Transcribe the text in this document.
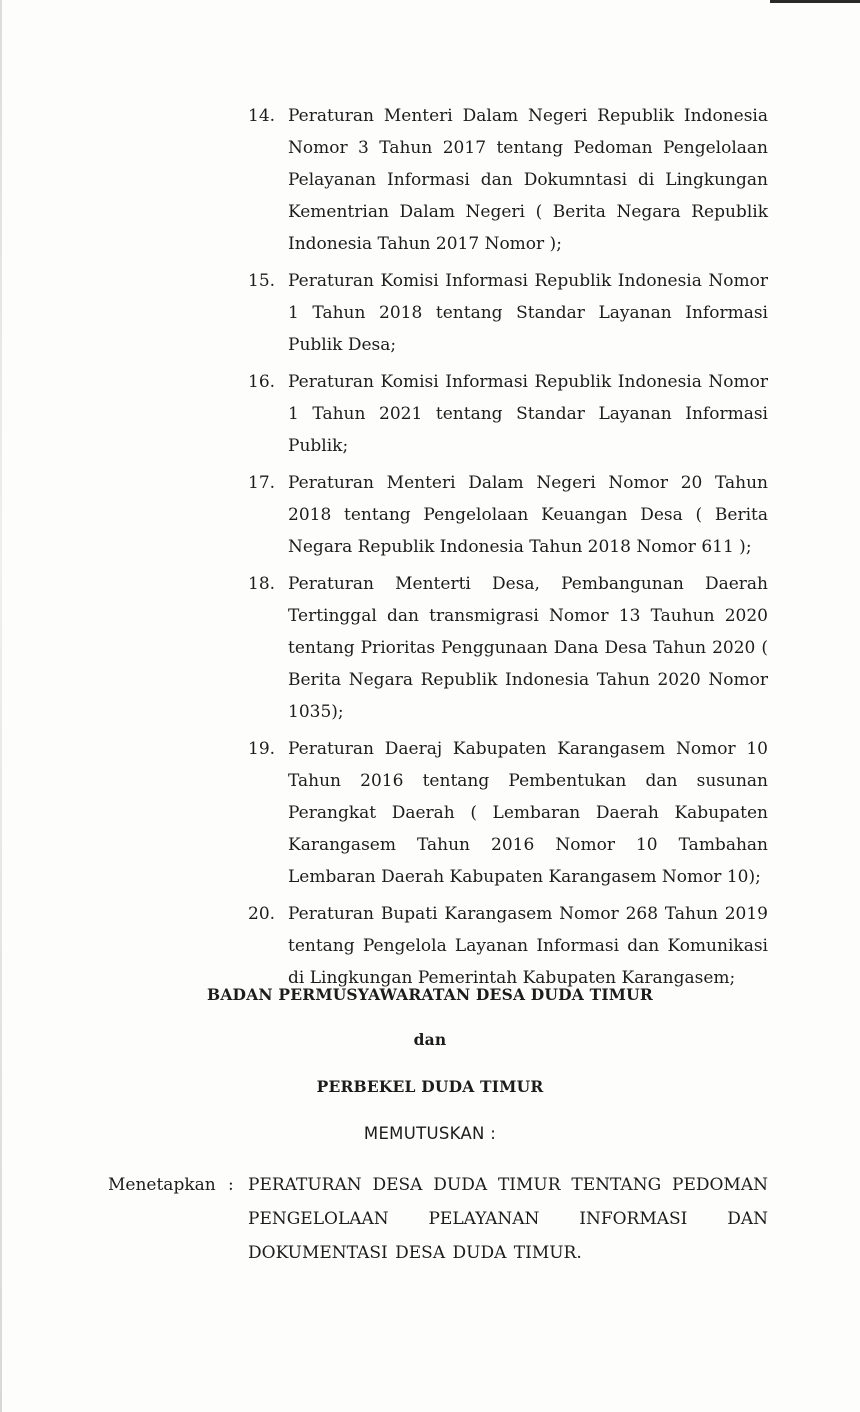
14. Peraturan Menteri Dalam Negeri Republik Indonesia Nomor 3 Tahun 2017 tentang Pedoman Pengelolaan Pelayanan Informasi dan Dokumntasi di Lingkungan Kementrian Dalam Negeri ( Berita Negara Republik Indonesia Tahun 2017 Nomor );
15. Peraturan Komisi Informasi Republik Indonesia Nomor 1 Tahun 2018 tentang Standar Layanan Informasi Publik Desa;
16. Peraturan Komisi Informasi Republik Indonesia Nomor 1 Tahun 2021 tentang Standar Layanan Informasi Publik;
17. Peraturan Menteri Dalam Negeri Nomor 20 Tahun 2018 tentang Pengelolaan Keuangan Desa ( Berita Negara Republik Indonesia Tahun 2018 Nomor 611 );
18. Peraturan Menterti Desa, Pembangunan Daerah Tertinggal dan transmigrasi Nomor 13 Tauhun 2020 tentang Prioritas Penggunaan Dana Desa Tahun 2020 ( Berita Negara Republik Indonesia Tahun 2020 Nomor 1035);
19. Peraturan Daeraj Kabupaten Karangasem Nomor 10 Tahun 2016 tentang Pembentukan dan susunan Perangkat Daerah ( Lembaran Daerah Kabupaten Karangasem Tahun 2016 Nomor 10 Tambahan Lembaran Daerah Kabupaten Karangasem Nomor 10);
20. Peraturan Bupati Karangasem Nomor 268 Tahun 2019 tentang Pengelola Layanan Informasi dan Komunikasi di Lingkungan Pemerintah Kabupaten Karangasem;
BADAN PERMUSYAWARATAN DESA DUDA TIMUR
dan
PERBEKEL DUDA TIMUR
MEMUTUSKAN :
Menetapkan : PERATURAN DESA DUDA TIMUR TENTANG PEDOMAN PENGELOLAAN PELAYANAN INFORMASI DAN DOKUMENTASI DESA DUDA TIMUR.
